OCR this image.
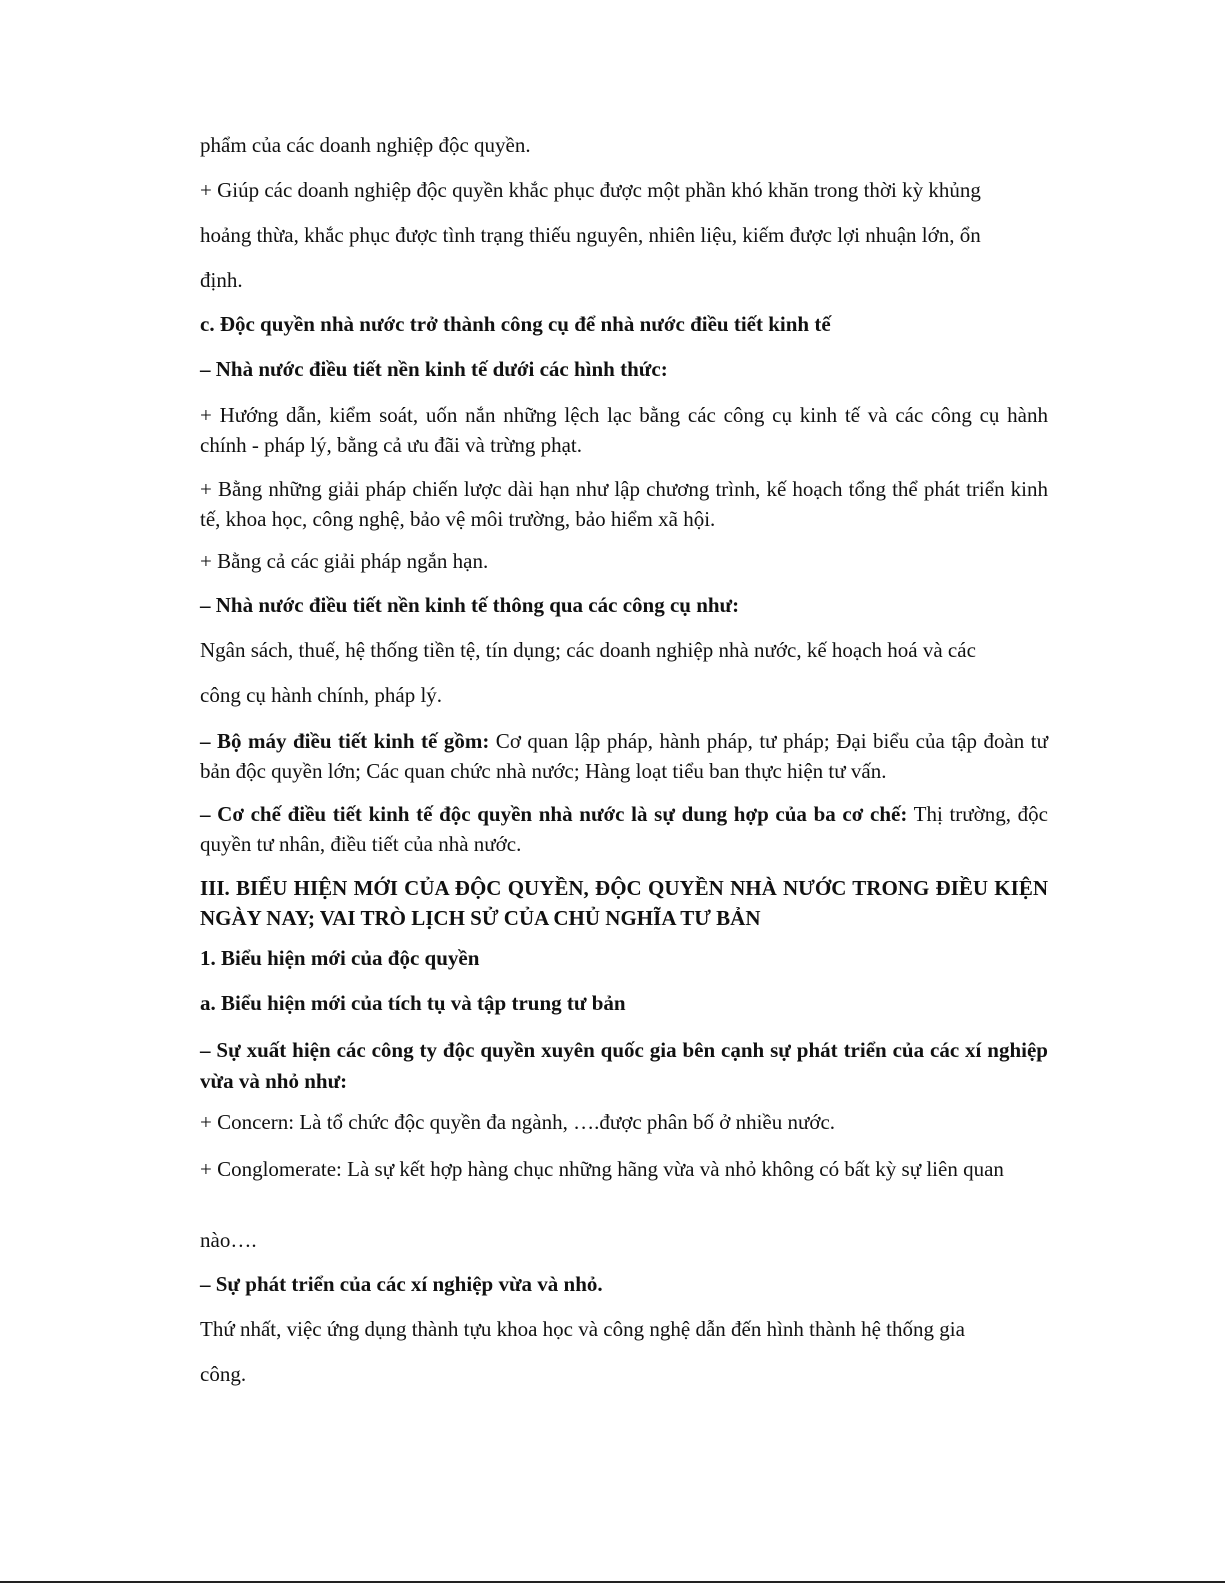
phẩm của các doanh nghiệp độc quyền.

+ Giúp các doanh nghiệp độc quyền khắc phục được một phần khó khăn trong thời kỳ khủng

hoảng thừa, khắc phục được tình trạng thiếu nguyên, nhiên liệu, kiếm được lợi nhuận lớn, ổn

định.

c. Độc quyền nhà nước trở thành công cụ để nhà nước điều tiết kinh tế

– Nhà nước điều tiết nền kinh tế dưới các hình thức:

+ Hướng dẫn, kiểm soát, uốn nắn những lệch lạc bằng các công cụ kinh tế và các công cụ hành chính - pháp lý, bằng cả ưu đãi và trừng phạt.

+ Bằng những giải pháp chiến lược dài hạn như lập chương trình, kế hoạch tổng thể phát triển kinh tế, khoa học, công nghệ, bảo vệ môi trường, bảo hiểm xã hội.

+ Bằng cả các giải pháp ngắn hạn.

– Nhà nước điều tiết nền kinh tế thông qua các công cụ như:

Ngân sách, thuế, hệ thống tiền tệ, tín dụng; các doanh nghiệp nhà nước, kế hoạch hoá và các

công cụ hành chính, pháp lý.

– Bộ máy điều tiết kinh tế gồm: Cơ quan lập pháp, hành pháp, tư pháp; Đại biểu của tập đoàn tư bản độc quyền lớn; Các quan chức nhà nước; Hàng loạt tiểu ban thực hiện tư vấn.

– Cơ chế điều tiết kinh tế độc quyền nhà nước là sự dung hợp của ba cơ chế: Thị trường, độc quyền tư nhân, điều tiết của nhà nước.

III. BIỂU HIỆN MỚI CỦA ĐỘC QUYỀN, ĐỘC QUYỀN NHÀ NƯỚC TRONG ĐIỀU KIỆN NGÀY NAY; VAI TRÒ LỊCH SỬ CỦA CHỦ NGHĨA TƯ BẢN

1. Biểu hiện mới của độc quyền

a. Biểu hiện mới của tích tụ và tập trung tư bản

– Sự xuất hiện các công ty độc quyền xuyên quốc gia bên cạnh sự phát triển của các xí nghiệp vừa và nhỏ như:

+ Concern: Là tổ chức độc quyền đa ngành, ….được phân bố ở nhiều nước.

+ Conglomerate: Là sự kết hợp hàng chục những hãng vừa và nhỏ không có bất kỳ sự liên quan

nào….

– Sự phát triển của các xí nghiệp vừa và nhỏ.

Thứ nhất, việc ứng dụng thành tựu khoa học và công nghệ dẫn đến hình thành hệ thống gia

công.
